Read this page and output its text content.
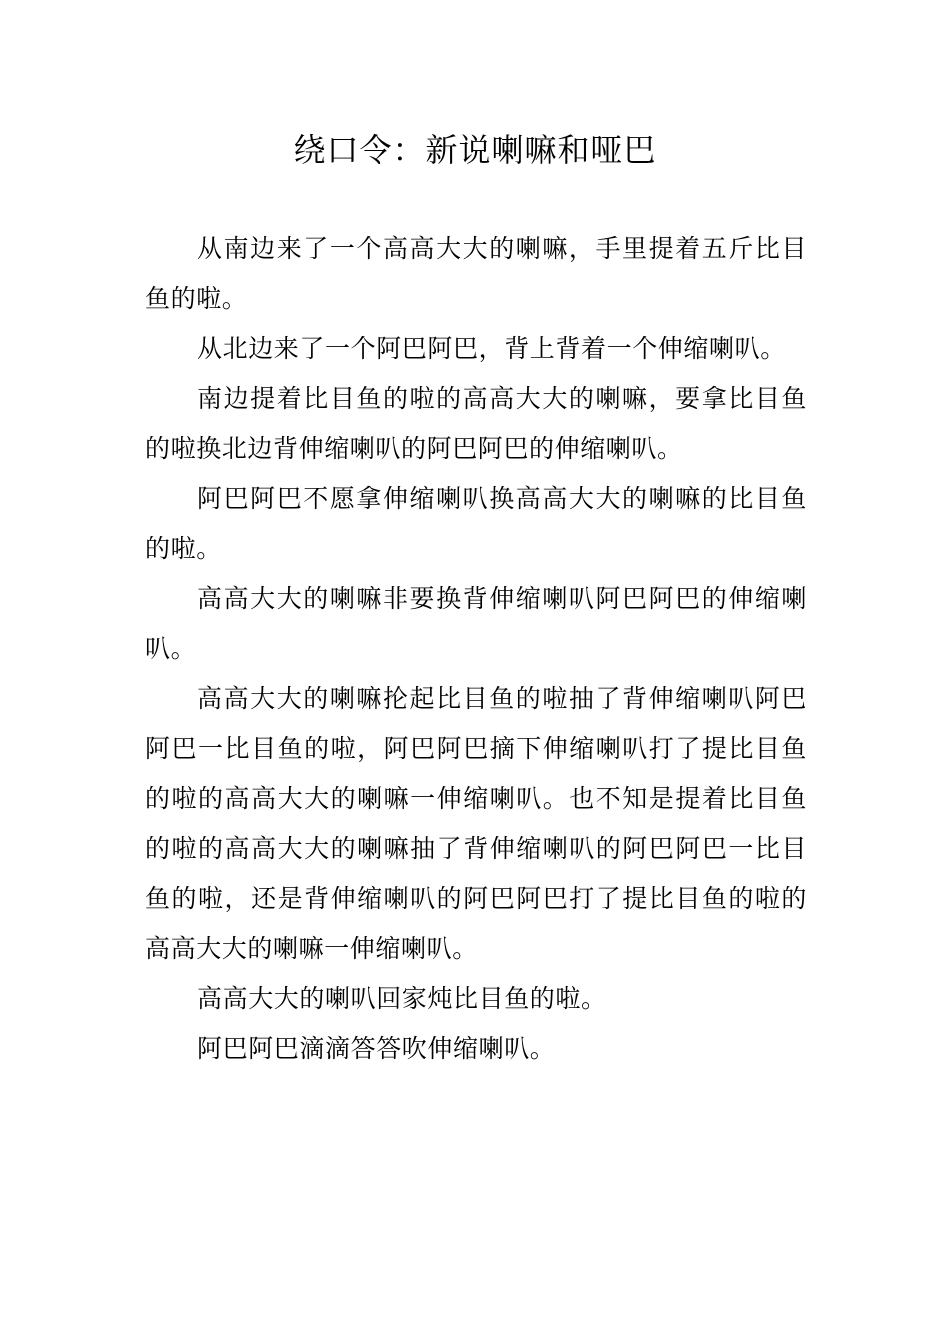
绕口令：新说喇嘛和哑巴

从南边来了一个高高大大的喇嘛，手里提着五斤比目鱼的啦。

从北边来了一个阿巴阿巴，背上背着一个伸缩喇叭。

南边提着比目鱼的啦的高高大大的喇嘛，要拿比目鱼的啦换北边背伸缩喇叭的阿巴阿巴的伸缩喇叭。

阿巴阿巴不愿拿伸缩喇叭换高高大大的喇嘛的比目鱼的啦。

高高大大的喇嘛非要换背伸缩喇叭阿巴阿巴的伸缩喇叭。

高高大大的喇嘛抡起比目鱼的啦抽了背伸缩喇叭阿巴阿巴一比目鱼的啦，阿巴阿巴摘下伸缩喇叭打了提比目鱼的啦的高高大大的喇嘛一伸缩喇叭。也不知是提着比目鱼的啦的高高大大的喇嘛抽了背伸缩喇叭的阿巴阿巴一比目鱼的啦，还是背伸缩喇叭的阿巴阿巴打了提比目鱼的啦的高高大大的喇嘛一伸缩喇叭。

高高大大的喇叭回家炖比目鱼的啦。

阿巴阿巴滴滴答答吹伸缩喇叭。
